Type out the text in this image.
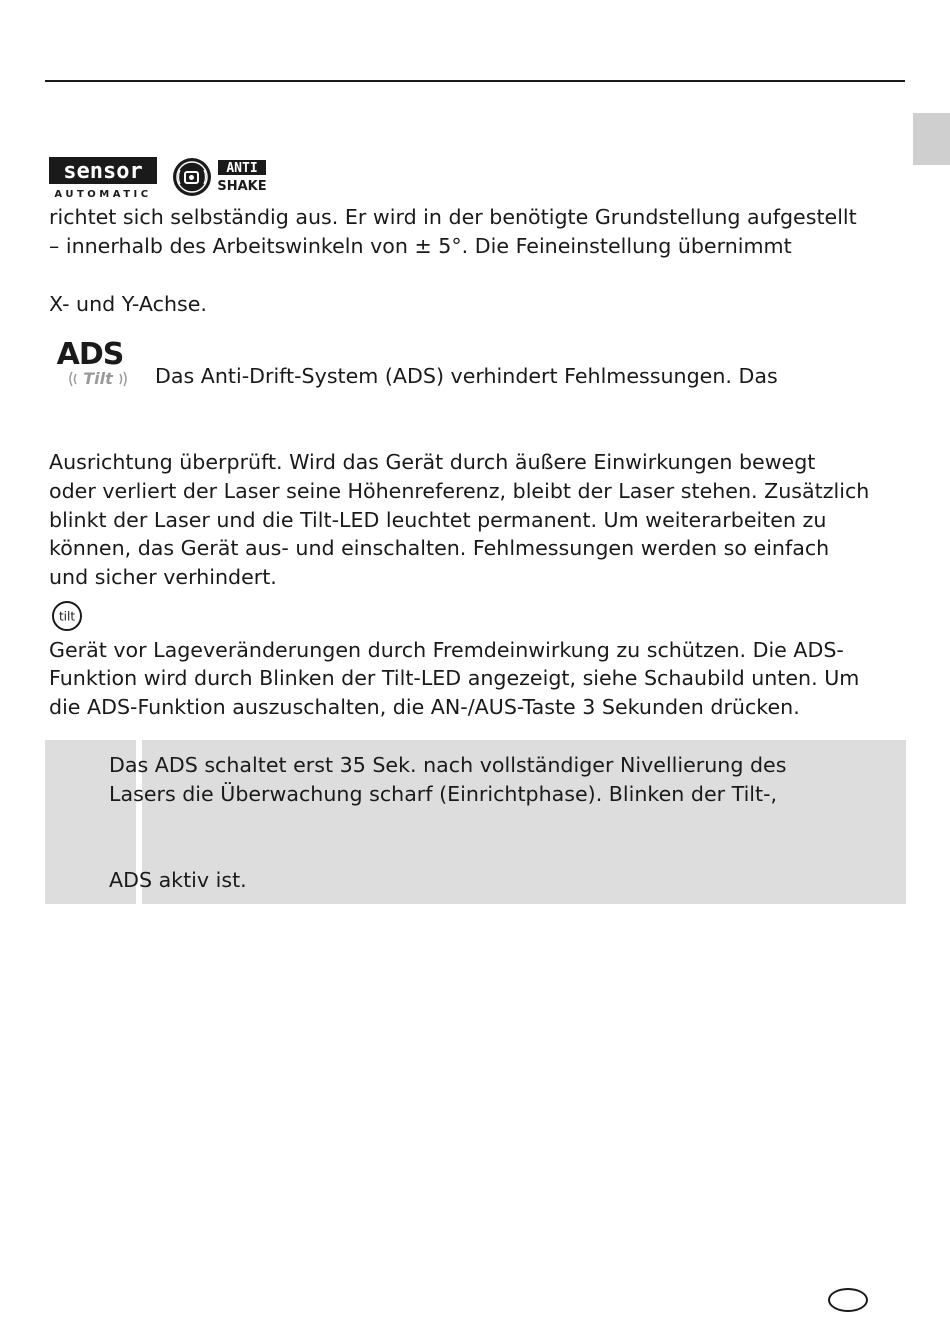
sensor
AUTOMATIC
ANTI
SHAKE
richtet sich selbständig aus. Er wird in der benötigte Grundstellung aufgestellt
– innerhalb des Arbeitswinkeln von ± 5°. Die Feineinstellung übernimmt
X- und Y-Achse.
ADS
Tilt Das Anti-Drift-System (ADS) verhindert Fehlmessungen. Das
Ausrichtung überprüft. Wird das Gerät durch äußere Einwirkungen bewegt
oder verliert der Laser seine Höhenreferenz, bleibt der Laser stehen. Zusätzlich
blinkt der Laser und die Tilt-LED leuchtet permanent. Um weiterarbeiten zu
können, das Gerät aus- und einschalten. Fehlmessungen werden so einfach
und sicher verhindert.
tilt
Gerät vor Lageveränderungen durch Fremdeinwirkung zu schützen. Die ADS-
Funktion wird durch Blinken der Tilt-LED angezeigt, siehe Schaubild unten. Um
die ADS-Funktion auszuschalten, die AN-/AUS-Taste 3 Sekunden drücken.
Das ADS schaltet erst 35 Sek. nach vollständiger Nivellierung des
Lasers die Überwachung scharf (Einrichtphase). Blinken der Tilt-,
ADS aktiv ist.
